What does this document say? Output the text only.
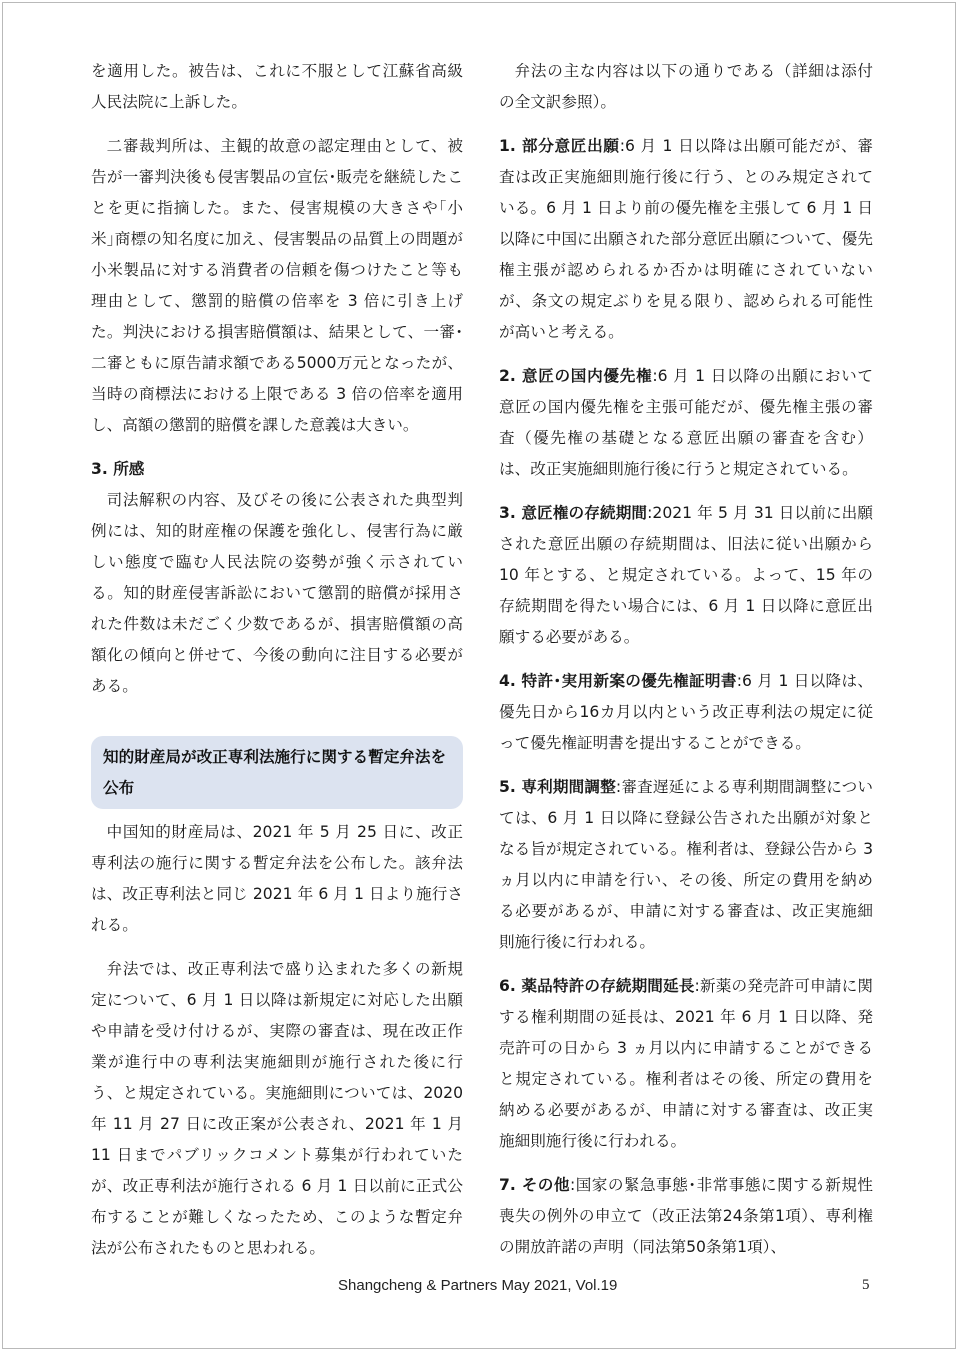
を適用した。被告は、これに不服として江蘇省高級人民法院に上訴した。

二審裁判所は、主観的故意の認定理由として、被告が一審判決後も侵害製品の宣伝･販売を継続したことを更に指摘した。また、侵害規模の大きさや｢小米｣商標の知名度に加え、侵害製品の品質上の問題が小米製品に対する消費者の信頼を傷つけたこと等も理由として、懲罰的賠償の倍率を 3 倍に引き上げた。判決における損害賠償額は、結果として、一審･二審ともに原告請求額である5000万元となったが、当時の商標法における上限である 3 倍の倍率を適用し、高額の懲罰的賠償を課した意義は大きい。

3. 所感

司法解釈の内容、及びその後に公表された典型判例には、知的財産権の保護を強化し、侵害行為に厳しい態度で臨む人民法院の姿勢が強く示されている。知的財産侵害訴訟において懲罰的賠償が採用された件数は未だごく少数であるが、損害賠償額の高額化の傾向と併せて、今後の動向に注目する必要がある。

知的財産局が改正専利法施行に関する暫定弁法を公布

中国知的財産局は、2021 年 5 月 25 日に、改正専利法の施行に関する暫定弁法を公布した。該弁法は、改正専利法と同じ 2021 年 6 月 1 日より施行される。

弁法では、改正専利法で盛り込まれた多くの新規定について、6 月 1 日以降は新規定に対応した出願や申請を受け付けるが、実際の審査は、現在改正作業が進行中の専利法実施細則が施行された後に行う、と規定されている。実施細則については、2020 年 11 月 27 日に改正案が公表され、2021 年 1 月 11 日までパブリックコメント募集が行われていたが、改正専利法が施行される 6 月 1 日以前に正式公布することが難しくなったため、このような暫定弁法が公布されたものと思われる。

弁法の主な内容は以下の通りである（詳細は添付の全文訳参照）。

1. 部分意匠出願:6 月 1 日以降は出願可能だが、審査は改正実施細則施行後に行う、とのみ規定されている。6 月 1 日より前の優先権を主張して 6 月 1 日以降に中国に出願された部分意匠出願について、優先権主張が認められるか否かは明確にされていないが、条文の規定ぶりを見る限り、認められる可能性が高いと考える。

2. 意匠の国内優先権:6 月 1 日以降の出願において意匠の国内優先権を主張可能だが、優先権主張の審査（優先権の基礎となる意匠出願の審査を含む）は、改正実施細則施行後に行うと規定されている。

3. 意匠権の存続期間:2021 年 5 月 31 日以前に出願された意匠出願の存続期間は、旧法に従い出願から 10 年とする、と規定されている。よって、15 年の存続期間を得たい場合には、6 月 1 日以降に意匠出願する必要がある。

4. 特許･実用新案の優先権証明書:6 月 1 日以降は、優先日から16カ月以内という改正専利法の規定に従って優先権証明書を提出することができる。

5. 専利期間調整:審査遅延による専利期間調整については、6 月 1 日以降に登録公告された出願が対象となる旨が規定されている。権利者は、登録公告から 3 ヵ月以内に申請を行い、その後、所定の費用を納める必要があるが、申請に対する審査は、改正実施細則施行後に行われる。

6. 薬品特許の存続期間延長:新薬の発売許可申請に関する権利期間の延長は、2021 年 6 月 1 日以降、発売許可の日から 3 ヵ月以内に申請することができると規定されている。権利者はその後、所定の費用を納める必要があるが、申請に対する審査は、改正実施細則施行後に行われる。

7. その他:国家の緊急事態･非常事態に関する新規性喪失の例外の申立て（改正法第24条第1項）、専利権の開放許諾の声明（同法第50条第1項）、

Shangcheng & Partners May 2021, Vol.19	5
